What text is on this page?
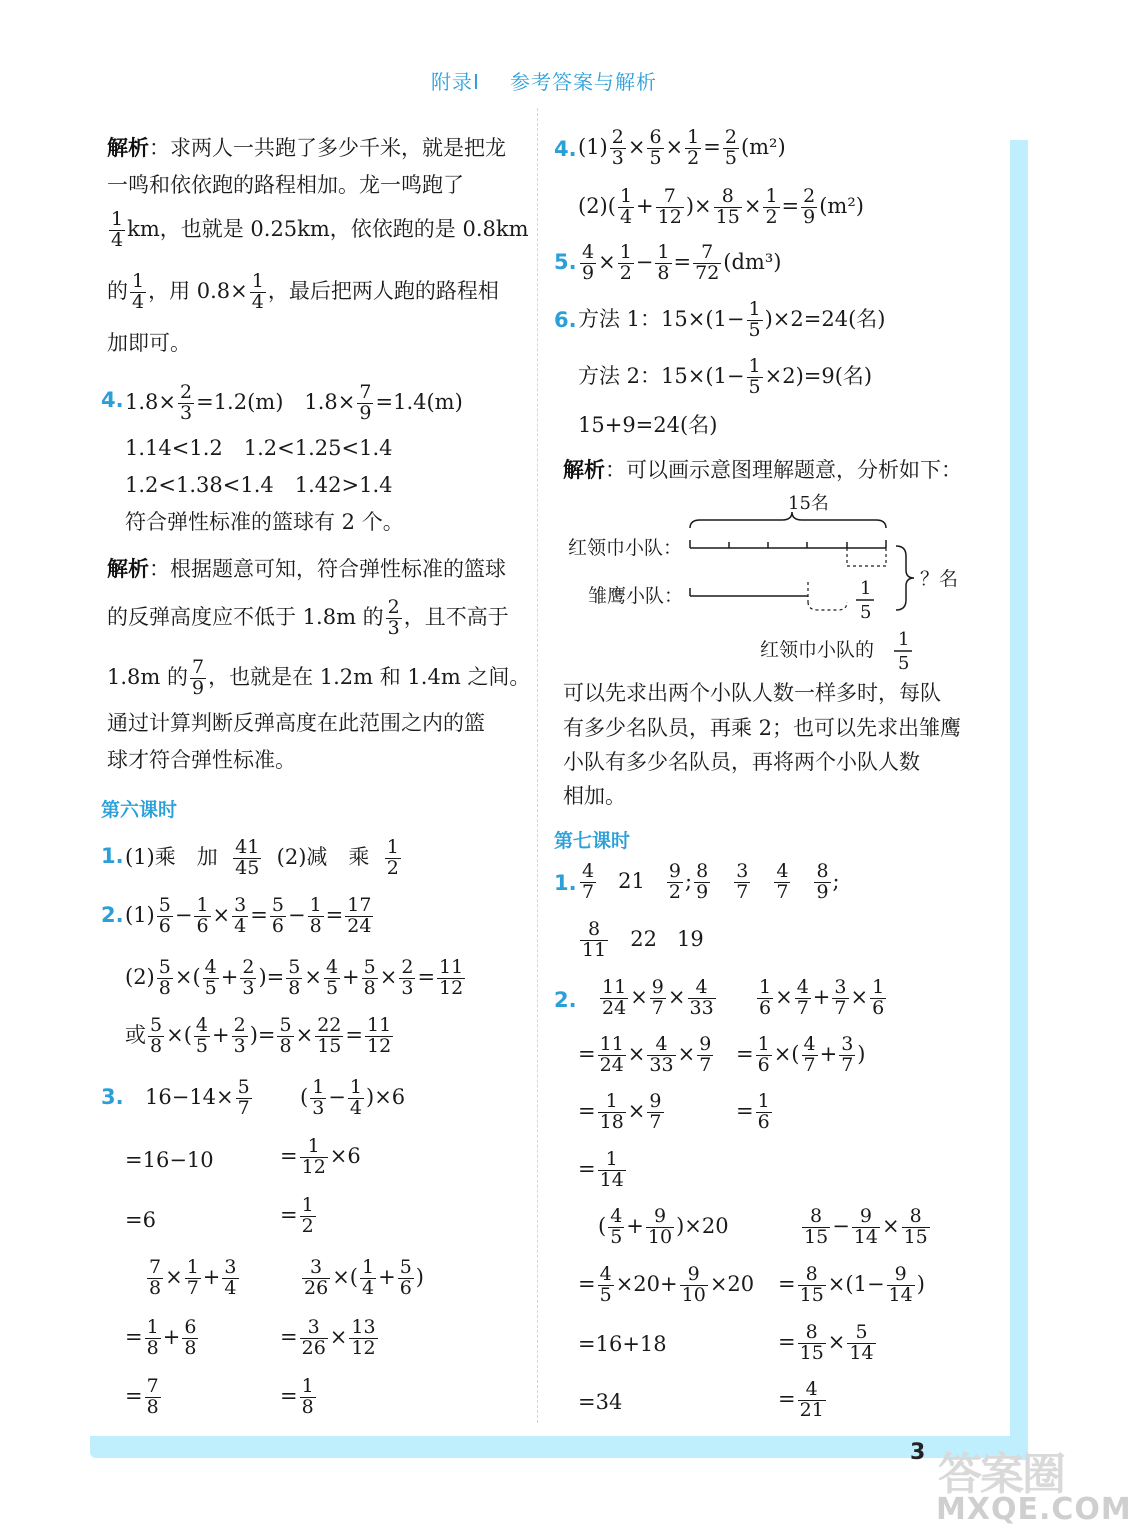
附录Ⅰ 参考答案与解析
解析：求两人一共跑了多少千米，就是把龙
一鸣和依依跑的路程相加。龙一鸣跑了
$\frac{1}{4}$ km，也就是 0.25km，依依跑的是 0.8km
的 $\frac{1}{4}$ ，用 $0.8\times \frac{1}{4}$ ，最后把两人跑的路程相
加即可。
4. $1.8\times \frac{2}{3} =1.2(m)$　$1.8\times \frac{7}{9} =1.4(m)$
1.14<1.2　1.2<1.25<1.4
1.2<1.38<1.4　1.42>1.4
符合弹性标准的篮球有 2 个。
解析：根据题意可知，符合弹性标准的篮球
的反弹高度应不低于 1.8m 的 $\frac{2}{3}$ ，且不高于
1.8m 的 $\frac{7}{9}$ ，也就是在 1.2m 和 1.4m 之间。
通过计算判断反弹高度在此范围之内的篮
球才符合弹性标准。
第六课时
1. (1)乘　加 $\frac{41}{45} (2)$减　乘 $\frac{1}{2}$
2. $(1) \frac{5}{6} - \frac{1}{6} \times \frac{3}{4} = \frac{5}{6} - \frac{1}{8} = \frac{17}{24}$
$(2) \frac{5}{8}$ ×( $\frac{4}{5} + \frac{2}{3}$ )= $\frac{5}{8} \times \frac{4}{5} + \frac{5}{8} \times \frac{2}{3} = \frac{11}{12}$
或 $\frac{5}{8}$ ×( $\frac{4}{5} + \frac{2}{3}$ )= $\frac{5}{8} \times \frac{22}{15} = \frac{11}{12}$
3. $16-14\times \frac{5}{7}$ ( $\frac{1}{3} - \frac{1}{4} )\times 6$
=16−10	= $\frac{1}{12} \times 6$
=6	= $\frac{1}{2}$
$\frac{7}{8} \times \frac{1}{7} + \frac{3}{4}$	$\frac{3}{26}$ ×( $\frac{1}{4} + \frac{5}{6}$ )
= $\frac{1}{8} + \frac{6}{8}$	= $\frac{3}{26} \times \frac{13}{12}$
= $\frac{7}{8}$	= $\frac{1}{8}$
4. $(1) \frac{2}{3} \times \frac{6}{5} \times \frac{1}{2} = \frac{2}{5} (m^2)$
$(2)( \frac{1}{4} + \frac{7}{12}$ )× $\frac{8}{15} \times \frac{1}{2} = \frac{2}{9} (m^2)$
5. $\frac{4}{9} \times \frac{1}{2} - \frac{1}{8} = \frac{7}{72} (dm^3)$
6. 方法 1：$15\times(1- \frac{1}{5} )\times 2=24$(名)
方法 2：$15\times(1- \frac{1}{5} \times 2)=9$(名)
15+9=24(名)
解析：可以画示意图理解题意，分析如下：
15名
红领巾小队：
1
5
？名
雏鹰小队：
红领巾小队的 1
5
可以先求出两个小队人数一样多时，每队
有多少名队员，再乘 2；也可以先求出雏鹰
小队有多少名队员，再将两个小队人数
相加。
第七课时
1. $\frac{4}{7} 21 \frac{9}{2}$ ; $\frac{8}{9}$
$\frac{3}{7}$
$\frac{4}{7}$
$\frac{8}{9}$ ;
$\frac{8}{11} 22$ 19
2. $\frac{11}{24} \times \frac{9}{7} \times \frac{4}{33} \frac{1}{6} \times \frac{4}{7} + \frac{3}{7} \times \frac{1}{6}$
= $\frac{11}{24} \times \frac{4}{33} \times \frac{9}{7} = \frac{1}{6}$ ×( $\frac{4}{7} + \frac{3}{7}$ )
= $\frac{1}{18} \times \frac{9}{7}$	= $\frac{1}{6}$
= $\frac{1}{14}$
( $\frac{4}{5} + \frac{9}{10} )\times 20$	$\frac{8}{15} - \frac{9}{14} \times \frac{8}{15}$
= $\frac{4}{5} \times 20+ \frac{9}{10} \times 20 = \frac{8}{15} \times(1- \frac{9}{14}$ )
=16+18	= $\frac{8}{15} \times \frac{5}{14}$
=34	= $\frac{4}{21}$
3 答案圈
MXQE.COM
